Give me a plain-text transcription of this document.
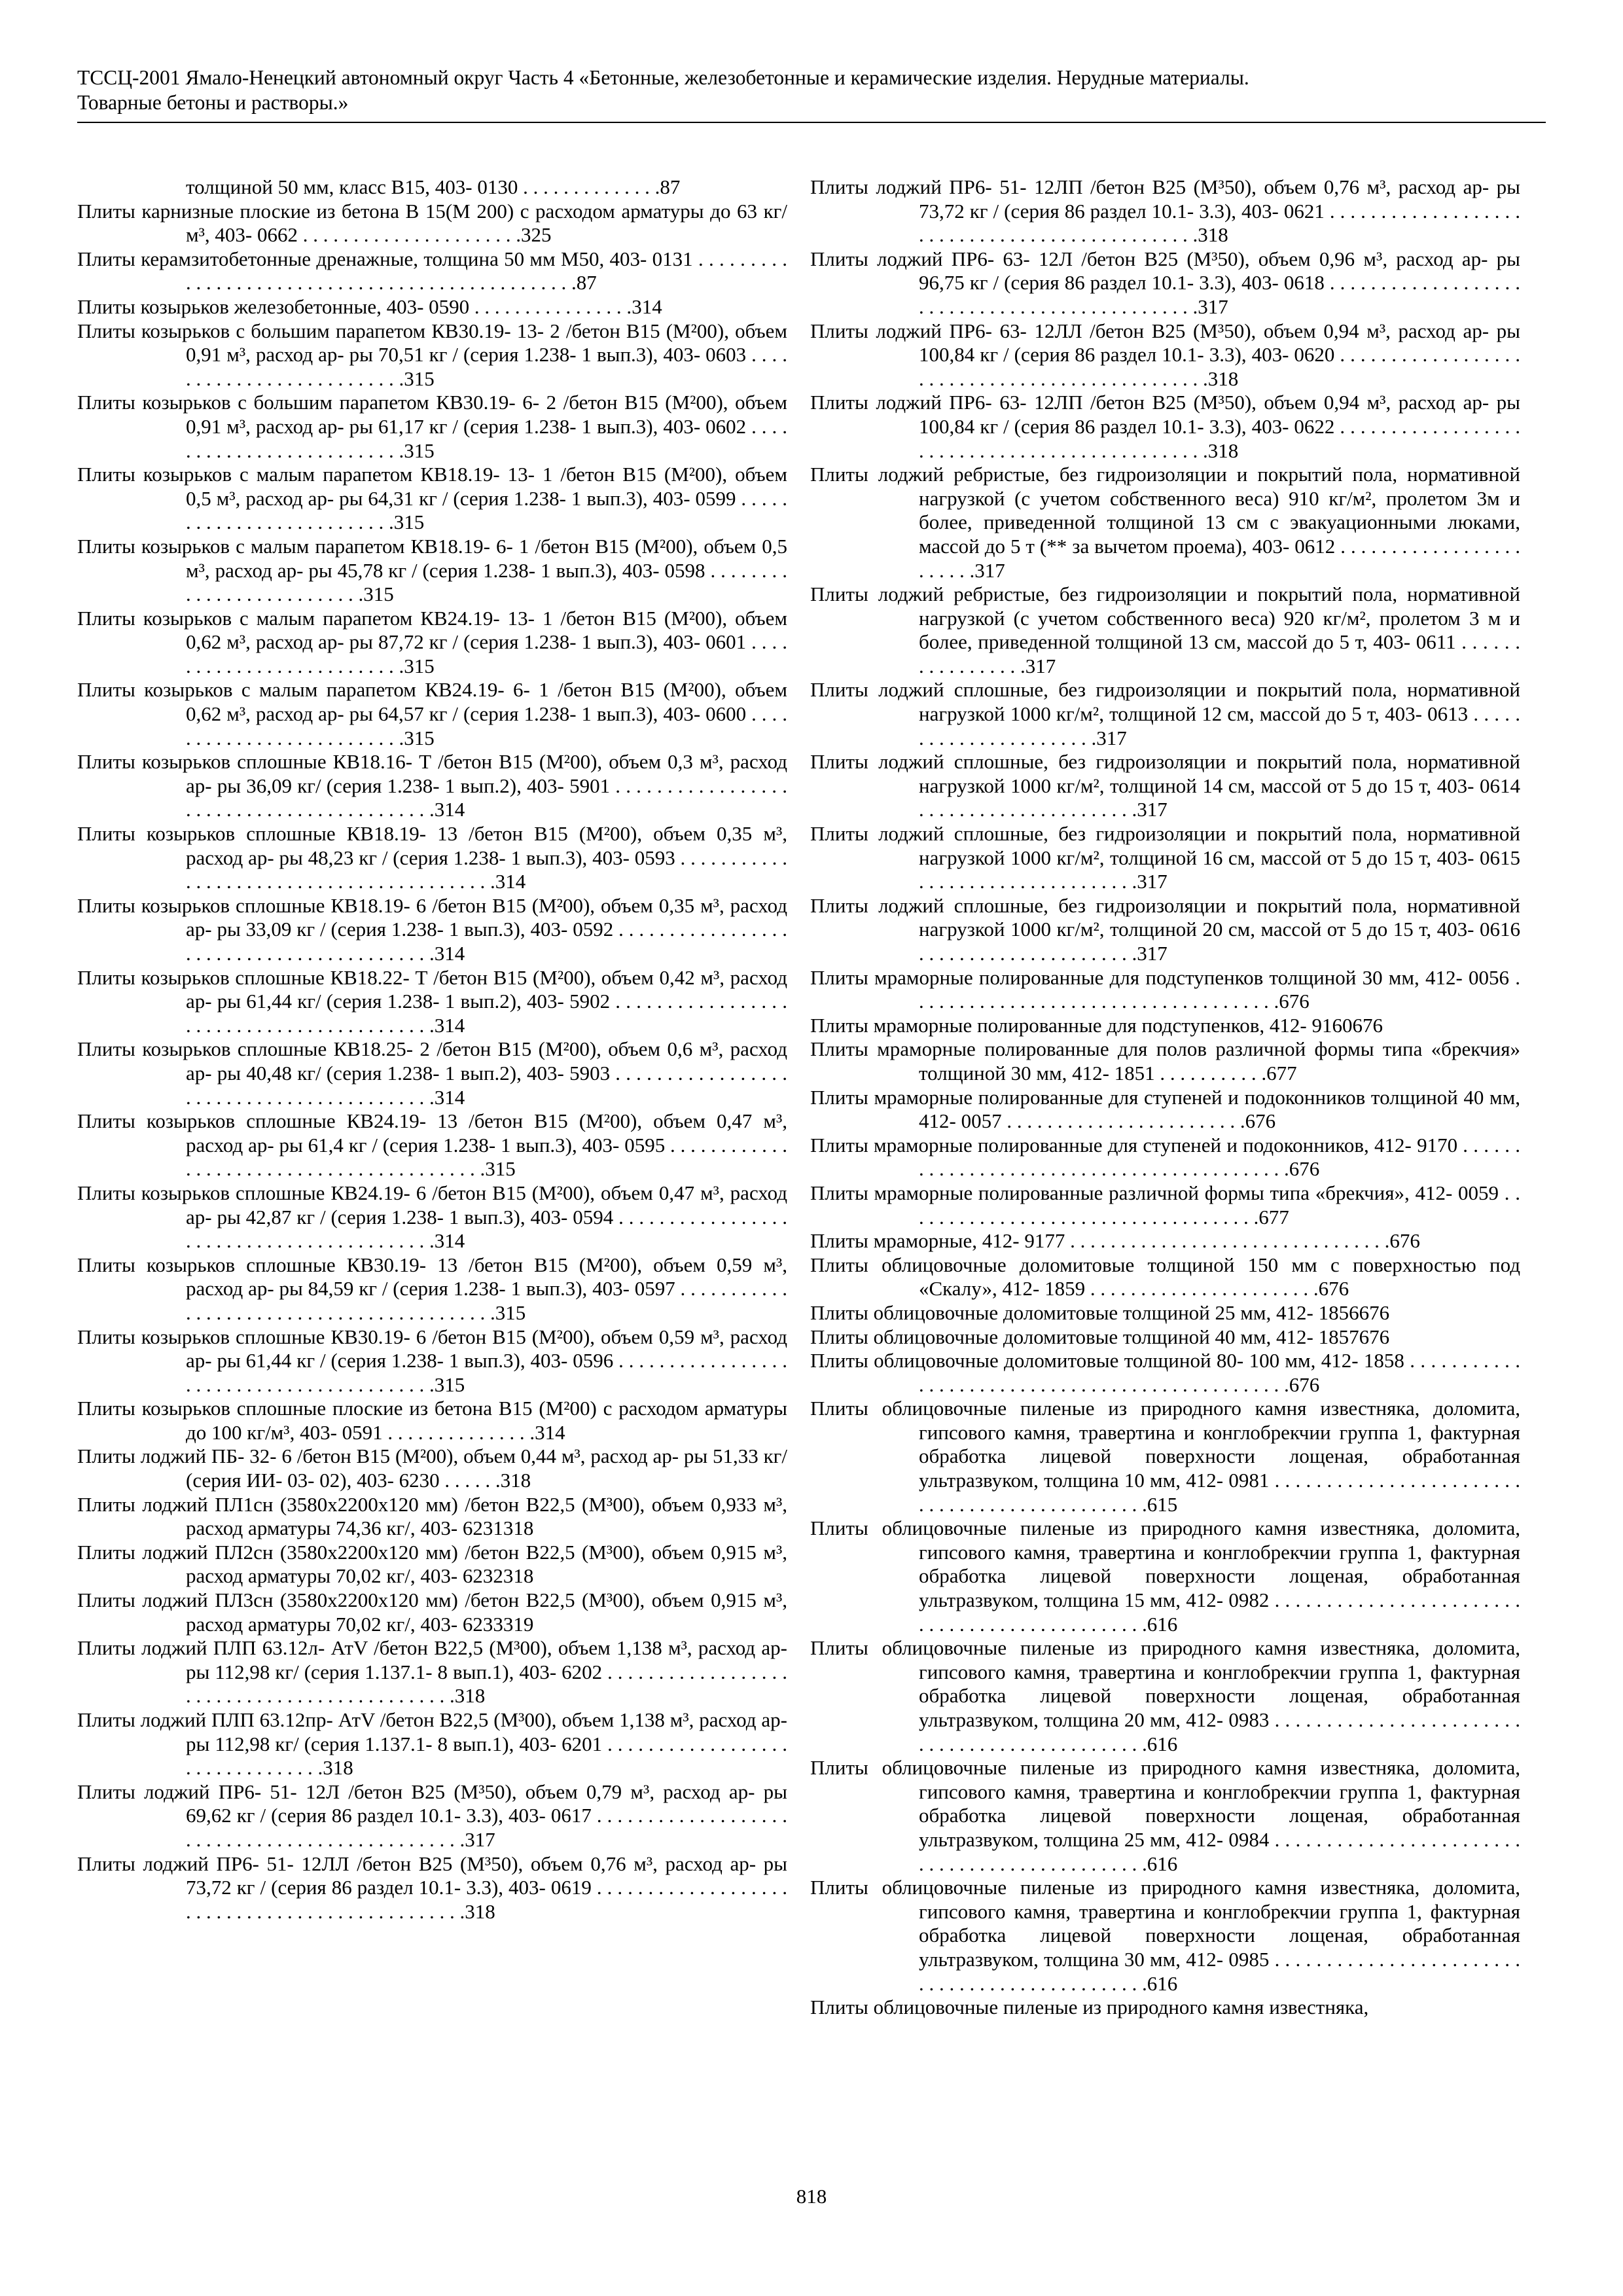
ТССЦ-2001 Ямало-Ненецкий автономный округ Часть 4 «Бетонные, железобетонные и керамические изделия. Нерудные материалы.
Товарные бетоны и растворы.»

толщиной 50 мм, класс В15, 403- 0130 . . . . . . . . . . . . . .87

Плиты карнизные плоские из бетона В 15(М 200) с расходом арматуры до 63 кг/м³, 403- 0662 . . . . . . . . . . . . . . . . . . . . . .325

Плиты керамзитобетонные дренажные, толщина 50 мм М50, 403- 0131 . . . . . . . . . . . . . . . . . . . . . . . . . . . . . . . . . . . . . . . . . . . . . . . .87

Плиты козырьков железобетонные, 403- 0590 . . . . . . . . . . . . . . . .314

Плиты козырьков с большим парапетом КВ30.19- 13- 2 /бетон В15 (М²00), объем 0,91 м³, расход ар- ры 70,51 кг / (серия 1.238- 1 вып.3), 403- 0603 . . . . . . . . . . . . . . . . . . . . . . . . . .315

Плиты козырьков с большим парапетом КВ30.19- 6- 2 /бетон В15 (М²00), объем 0,91 м³, расход ар- ры 61,17 кг / (серия 1.238- 1 вып.3), 403- 0602 . . . . . . . . . . . . . . . . . . . . . . . . . .315

Плиты козырьков с малым парапетом КВ18.19- 13- 1 /бетон В15 (М²00), объем 0,5 м³, расход ар- ры 64,31 кг / (серия 1.238- 1 вып.3), 403- 0599 . . . . . . . . . . . . . . . . . . . . . . . . . .315

Плиты козырьков с малым парапетом КВ18.19- 6- 1 /бетон В15 (М²00), объем 0,5 м³, расход ар- ры 45,78 кг / (серия 1.238- 1 вып.3), 403- 0598 . . . . . . . . . . . . . . . . . . . . . . . . . .315

Плиты козырьков с малым парапетом КВ24.19- 13- 1 /бетон В15 (М²00), объем 0,62 м³, расход ар- ры 87,72 кг / (серия 1.238- 1 вып.3), 403- 0601 . . . . . . . . . . . . . . . . . . . . . . . . . .315

Плиты козырьков с малым парапетом КВ24.19- 6- 1 /бетон В15 (М²00), объем 0,62 м³, расход ар- ры 64,57 кг / (серия 1.238- 1 вып.3), 403- 0600 . . . . . . . . . . . . . . . . . . . . . . . . . .315

Плиты козырьков сплошные КВ18.16- Т /бетон В15 (М²00), объем 0,3 м³, расход ар- ры 36,09 кг/ (серия 1.238- 1 вып.2), 403- 5901 . . . . . . . . . . . . . . . . . . . . . . . . . . . . . . . . . . . . . . . . . .314

Плиты козырьков сплошные КВ18.19- 13 /бетон В15 (М²00), объем 0,35 м³, расход ар- ры 48,23 кг / (серия 1.238- 1 вып.3), 403- 0593 . . . . . . . . . . . . . . . . . . . . . . . . . . . . . . . . . . . . . . . . . .314

Плиты козырьков сплошные КВ18.19- 6 /бетон В15 (М²00), объем 0,35 м³, расход ар- ры 33,09 кг / (серия 1.238- 1 вып.3), 403- 0592 . . . . . . . . . . . . . . . . . . . . . . . . . . . . . . . . . . . . . . . . . .314

Плиты козырьков сплошные КВ18.22- Т /бетон В15 (М²00), объем 0,42 м³, расход ар- ры 61,44 кг/ (серия 1.238- 1 вып.2), 403- 5902 . . . . . . . . . . . . . . . . . . . . . . . . . . . . . . . . . . . . . . . . . .314

Плиты козырьков сплошные КВ18.25- 2 /бетон В15 (М²00), объем 0,6 м³, расход ар- ры 40,48 кг/ (серия 1.238- 1 вып.2), 403- 5903 . . . . . . . . . . . . . . . . . . . . . . . . . . . . . . . . . . . . . . . . . .314

Плиты козырьков сплошные КВ24.19- 13 /бетон В15 (М²00), объем 0,47 м³, расход ар- ры 61,4 кг / (серия 1.238- 1 вып.3), 403- 0595 . . . . . . . . . . . . . . . . . . . . . . . . . . . . . . . . . . . . . . . . . .315

Плиты козырьков сплошные КВ24.19- 6 /бетон В15 (М²00), объем 0,47 м³, расход ар- ры 42,87 кг / (серия 1.238- 1 вып.3), 403- 0594 . . . . . . . . . . . . . . . . . . . . . . . . . . . . . . . . . . . . . . . . . .314

Плиты козырьков сплошные КВ30.19- 13 /бетон В15 (М²00), объем 0,59 м³, расход ар- ры 84,59 кг / (серия 1.238- 1 вып.3), 403- 0597 . . . . . . . . . . . . . . . . . . . . . . . . . . . . . . . . . . . . . . . . . .315

Плиты козырьков сплошные КВ30.19- 6 /бетон В15 (М²00), объем 0,59 м³, расход ар- ры 61,44 кг / (серия 1.238- 1 вып.3), 403- 0596 . . . . . . . . . . . . . . . . . . . . . . . . . . . . . . . . . . . . . . . . . .315

Плиты козырьков сплошные плоские из бетона В15 (М²00) с расходом арматуры до 100 кг/м³, 403- 0591 . . . . . . . . . . . . . . .314

Плиты лоджий ПБ- 32- 6 /бетон В15 (М²00), объем 0,44 м³, расход ар- ры 51,33 кг/ (серия ИИ- 03- 02), 403- 6230 . . . . . .318

Плиты лоджий ПЛ1сн (3580х2200х120 мм) /бетон В22,5 (М³00), объем 0,933 м³, расход арматуры 74,36 кг/, 403- 6231318

Плиты лоджий ПЛ2сн (3580х2200х120 мм) /бетон В22,5 (М³00), объем 0,915 м³, расход арматуры 70,02 кг/, 403- 6232318

Плиты лоджий ПЛ3сн (3580х2200х120 мм) /бетон В22,5 (М³00), объем 0,915 м³, расход арматуры 70,02 кг/, 403- 6233319

Плиты лоджий ПЛП 63.12л- АтV /бетон В22,5 (М³00), объем 1,138 м³, расход ар- ры 112,98 кг/ (серия 1.137.1- 8 вып.1), 403- 6202 . . . . . . . . . . . . . . . . . . . . . . . . . . . . . . . . . . . . . . . . . . . . .318

Плиты лоджий ПЛП 63.12пр- АтV /бетон В22,5 (М³00), объем 1,138 м³, расход ар- ры 112,98 кг/ (серия 1.137.1- 8 вып.1), 403- 6201 . . . . . . . . . . . . . . . . . . . . . . . . . . . . . . . .318

Плиты лоджий ПР6- 51- 12Л /бетон В25 (М³50), объем 0,79 м³, расход ар- ры 69,62 кг / (серия 86 раздел 10.1- 3.3), 403- 0617 . . . . . . . . . . . . . . . . . . . . . . . . . . . . . . . . . . . . . . . . . . . . . . .317

Плиты лоджий ПР6- 51- 12ЛЛ /бетон В25 (М³50), объем 0,76 м³, расход ар- ры 73,72 кг / (серия 86 раздел 10.1- 3.3), 403- 0619 . . . . . . . . . . . . . . . . . . . . . . . . . . . . . . . . . . . . . . . . . . . . . . .318

Плиты лоджий ПР6- 51- 12ЛП /бетон В25 (М³50), объем 0,76 м³, расход ар- ры 73,72 кг / (серия 86 раздел 10.1- 3.3), 403- 0621 . . . . . . . . . . . . . . . . . . . . . . . . . . . . . . . . . . . . . . . . . . . . . . .318

Плиты лоджий ПР6- 63- 12Л /бетон В25 (М³50), объем 0,96 м³, расход ар- ры 96,75 кг / (серия 86 раздел 10.1- 3.3), 403- 0618 . . . . . . . . . . . . . . . . . . . . . . . . . . . . . . . . . . . . . . . . . . . . . . .317

Плиты лоджий ПР6- 63- 12ЛЛ /бетон В25 (М³50), объем 0,94 м³, расход ар- ры 100,84 кг / (серия 86 раздел 10.1- 3.3), 403- 0620 . . . . . . . . . . . . . . . . . . . . . . . . . . . . . . . . . . . . . . . . . . . . . . .318

Плиты лоджий ПР6- 63- 12ЛП /бетон В25 (М³50), объем 0,94 м³, расход ар- ры 100,84 кг / (серия 86 раздел 10.1- 3.3), 403- 0622 . . . . . . . . . . . . . . . . . . . . . . . . . . . . . . . . . . . . . . . . . . . . . . .318

Плиты лоджий ребристые, без гидроизоляции и покрытий пола, нормативной нагрузкой (с учетом собственного веса) 910 кг/м², пролетом 3м и более, приведенной толщиной 13 см с эвакуационными люками, массой до 5 т (** за вычетом проема), 403- 0612 . . . . . . . . . . . . . . . . . . . . . . . .317

Плиты лоджий ребристые, без гидроизоляции и покрытий пола, нормативной нагрузкой (с учетом собственного веса) 920 кг/м², пролетом 3 м и более, приведенной толщиной 13 см, массой до 5 т, 403- 0611 . . . . . . . . . . . . . . . . .317

Плиты лоджий сплошные, без гидроизоляции и покрытий пола, нормативной нагрузкой 1000 кг/м², толщиной 12 см, массой до 5 т, 403- 0613 . . . . . . . . . . . . . . . . . . . . . . .317

Плиты лоджий сплошные, без гидроизоляции и покрытий пола, нормативной нагрузкой 1000 кг/м², толщиной 14 см, массой от 5 до 15 т, 403- 0614 . . . . . . . . . . . . . . . . . . . . . .317

Плиты лоджий сплошные, без гидроизоляции и покрытий пола, нормативной нагрузкой 1000 кг/м², толщиной 16 см, массой от 5 до 15 т, 403- 0615 . . . . . . . . . . . . . . . . . . . . . .317

Плиты лоджий сплошные, без гидроизоляции и покрытий пола, нормативной нагрузкой 1000 кг/м², толщиной 20 см, массой от 5 до 15 т, 403- 0616 . . . . . . . . . . . . . . . . . . . . . .317

Плиты мраморные полированные для подступенков толщиной 30 мм, 412- 0056 . . . . . . . . . . . . . . . . . . . . . . . . . . . . . . . . . . . . .676

Плиты мраморные полированные для подступенков, 412- 9160676

Плиты мраморные полированные для полов различной формы типа «брекчия» толщиной 30 мм, 412- 1851 . . . . . . . . . . .677

Плиты мраморные полированные для ступеней и подоконников толщиной 40 мм, 412- 0057 . . . . . . . . . . . . . . . . . . . . . . . .676

Плиты мраморные полированные для ступеней и подоконников, 412- 9170 . . . . . . . . . . . . . . . . . . . . . . . . . . . . . . . . . . . . . . . . . . .676

Плиты мраморные полированные различной формы типа «брекчия», 412- 0059 . . . . . . . . . . . . . . . . . . . . . . . . . . . . . . . . . . . .677

Плиты мраморные, 412- 9177 . . . . . . . . . . . . . . . . . . . . . . . . . . . . . . . .676

Плиты облицовочные доломитовые толщиной 150 мм с поверхностью под «Скалу», 412- 1859 . . . . . . . . . . . . . . . . . . . . . . .676

Плиты облицовочные доломитовые толщиной 25 мм, 412- 1856676

Плиты облицовочные доломитовые толщиной 40 мм, 412- 1857676

Плиты облицовочные доломитовые толщиной 80- 100 мм, 412- 1858 . . . . . . . . . . . . . . . . . . . . . . . . . . . . . . . . . . . . . . . . . . . . . . . .676

Плиты облицовочные пиленые из природного камня известняка, доломита, гипсового камня, травертина и конглобрекчии группа 1, фактурная обработка лицевой поверхности лощеная, обработанная ультразвуком, толщина 10 мм, 412- 0981 . . . . . . . . . . . . . . . . . . . . . . . . . . . . . . . . . . . . . . . . . . . . . . .615

Плиты облицовочные пиленые из природного камня известняка, доломита, гипсового камня, травертина и конглобрекчии группа 1, фактурная обработка лицевой поверхности лощеная, обработанная ультразвуком, толщина 15 мм, 412- 0982 . . . . . . . . . . . . . . . . . . . . . . . . . . . . . . . . . . . . . . . . . . . . . . .616

Плиты облицовочные пиленые из природного камня известняка, доломита, гипсового камня, травертина и конглобрекчии группа 1, фактурная обработка лицевой поверхности лощеная, обработанная ультразвуком, толщина 20 мм, 412- 0983 . . . . . . . . . . . . . . . . . . . . . . . . . . . . . . . . . . . . . . . . . . . . . . .616

Плиты облицовочные пиленые из природного камня известняка, доломита, гипсового камня, травертина и конглобрекчии группа 1, фактурная обработка лицевой поверхности лощеная, обработанная ультразвуком, толщина 25 мм, 412- 0984 . . . . . . . . . . . . . . . . . . . . . . . . . . . . . . . . . . . . . . . . . . . . . . .616

Плиты облицовочные пиленые из природного камня известняка, доломита, гипсового камня, травертина и конглобрекчии группа 1, фактурная обработка лицевой поверхности лощеная, обработанная ультразвуком, толщина 30 мм, 412- 0985 . . . . . . . . . . . . . . . . . . . . . . . . . . . . . . . . . . . . . . . . . . . . . . .616

Плиты облицовочные пиленые из природного камня известняка,

818
